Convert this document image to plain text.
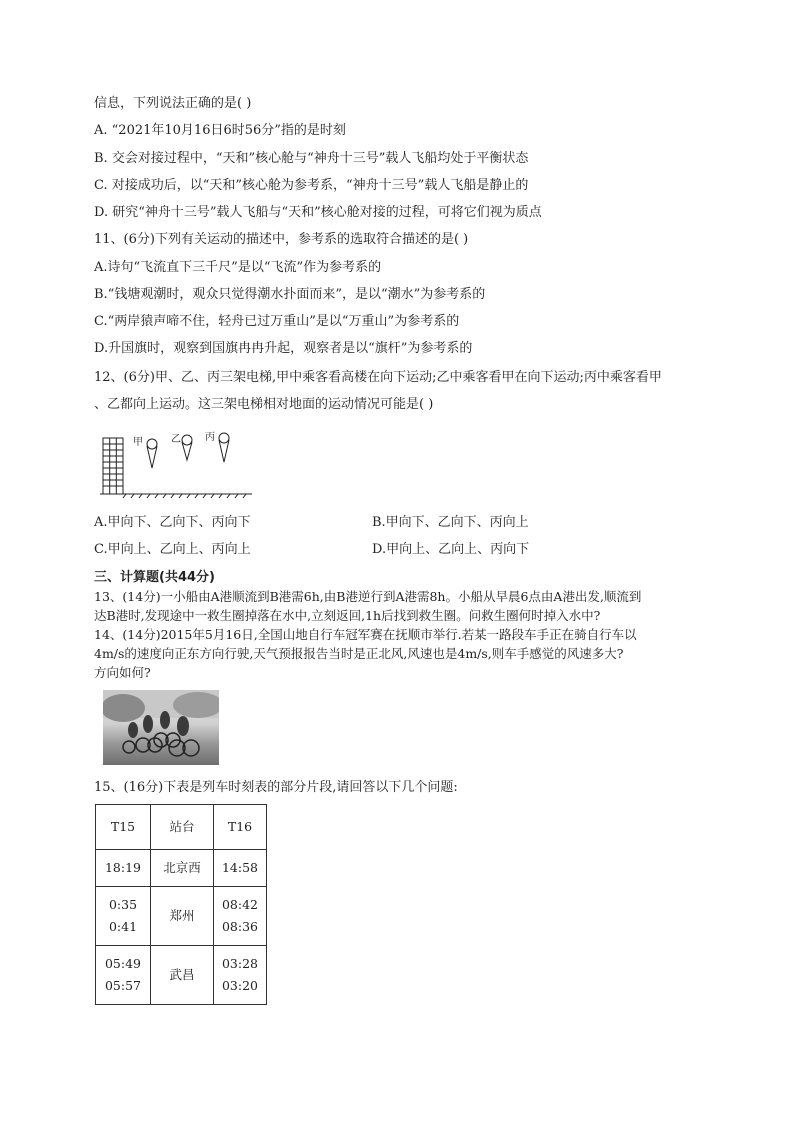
信息，下列说法正确的是( )
A. “2021年10月16日6时56分”指的是时刻
B. 交会对接过程中，“天和”核心舱与“神舟十三号”载人飞船均处于平衡状态
C. 对接成功后，以“天和”核心舱为参考系，“神舟十三号”载人飞船是静止的
D. 研究“神舟十三号”载人飞船与“天和”核心舱对接的过程，可将它们视为质点
11、(6分)下列有关运动的描述中，参考系的选取符合描述的是( )
A.诗句“飞流直下三千尺”是以“飞流”作为参考系的
B.“钱塘观潮时，观众只觉得潮水扑面而来”，是以“潮水”为参考系的
C.“两岸猿声啼不住，轻舟已过万重山”是以“万重山”为参考系的
D.升国旗时，观察到国旗冉冉升起，观察者是以“旗杆”为参考系的
12、(6分)甲、乙、丙三架电梯,甲中乘客看高楼在向下运动;乙中乘客看甲在向下运动;丙中乘客看甲
、乙都向上运动。这三架电梯相对地面的运动情况可能是( )
甲	乙 丙
A.甲向下、乙向下、丙向下	B.甲向下、乙向下、丙向上
C.甲向上、乙向上、丙向上	D.甲向上、乙向上、丙向下
三、计算题(共44分)
13、(14分)一小船由A港顺流到B港需6h,由B港逆行到A港需8h。小船从早晨6点由A港出发,顺流到
达B港时,发现途中一救生圈掉落在水中,立刻返回,1h后找到救生圈。问救生圈何时掉入水中?
14、(14分)2015年5月16日,全国山地自行车冠军赛在抚顺市举行.若某一路段车手正在骑自行车以
4m/s的速度向正东方向行驶,天气预报报告当时是正北风,风速也是4m/s,则车手感觉的风速多大?
方向如何?
15、(16分)下表是列车时刻表的部分片段,请回答以下几个问题:
T15	站台	T16

18:19	北京西	14:58

0:35
0:41	郑州	08:42
08:36

05:49
05:57	武昌	03:28
03:20
